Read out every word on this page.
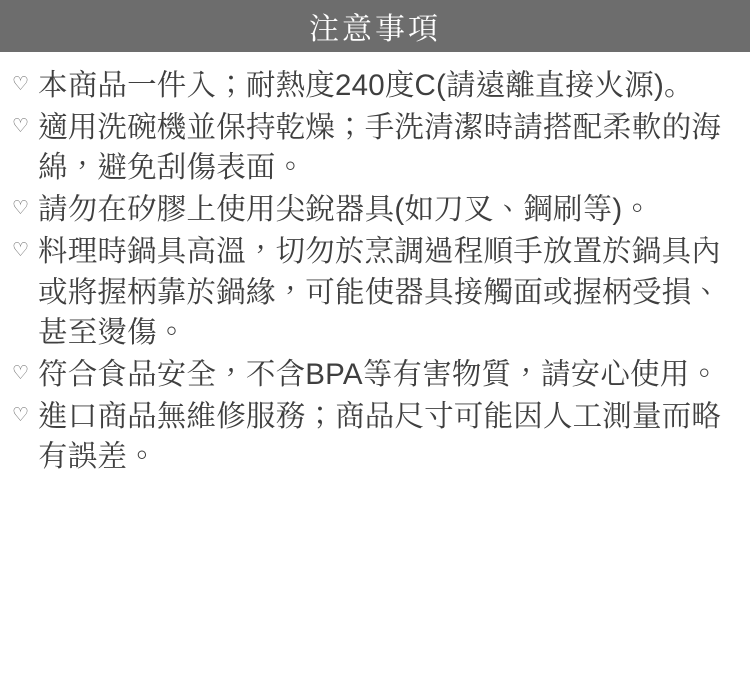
注意事項
♡ 本商品一件入；耐熱度240度C(請遠離直接火源)。
♡ 適用洗碗機並保持乾燥；手洗清潔時請搭配柔軟的海綿，避免刮傷表面。
♡ 請勿在矽膠上使用尖銳器具(如刀叉、鋼刷等)。
♡ 料理時鍋具高溫，切勿於烹調過程順手放置於鍋具內或將握柄靠於鍋緣，可能使器具接觸面或握柄受損、甚至燙傷。
♡ 符合食品安全，不含BPA等有害物質，請安心使用。
♡ 進口商品無維修服務；商品尺寸可能因人工測量而略有誤差。
